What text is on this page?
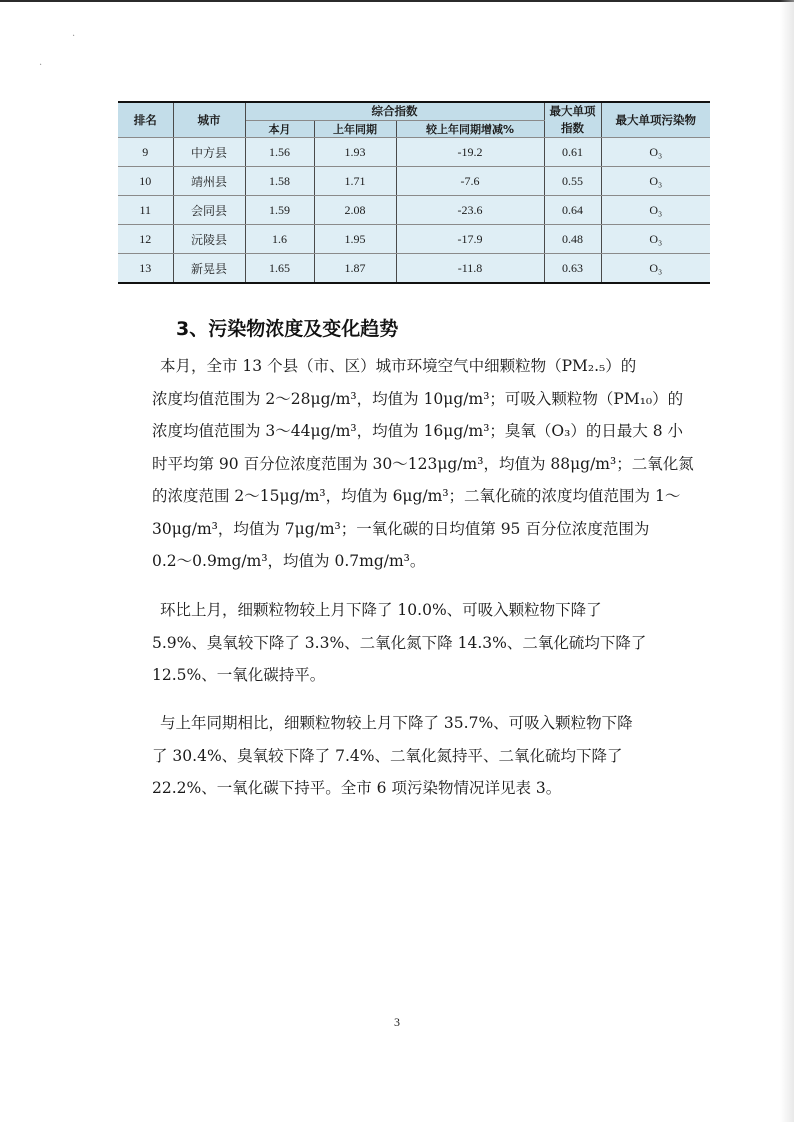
·
·
排名	城市	综合指数			最大单项指数	最大单项污染物
		本月	上年同期	较上年同期增减%		
9	中方县	1.56	1.93	-19.2	0.61	O₃
10	靖州县	1.58	1.71	-7.6	0.55	O₃
11	会同县	1.59	2.08	-23.6	0.64	O₃
12	沅陵县	1.6	1.95	-17.9	0.48	O₃
13	新晃县	1.65	1.87	-11.8	0.63	O₃
3、污染物浓度及变化趋势
本月，全市 13 个县（市、区）城市环境空气中细颗粒物（PM₂.₅）的
浓度均值范围为 2～28μg/m³，均值为 10μg/m³；可吸入颗粒物（PM₁₀）的
浓度均值范围为 3～44μg/m³，均值为 16μg/m³；臭氧（O₃）的日最大 8 小
时平均第 90 百分位浓度范围为 30～123μg/m³，均值为 88μg/m³；二氧化氮
的浓度范围 2～15μg/m³，均值为 6μg/m³；二氧化硫的浓度均值范围为 1～
30μg/m³，均值为 7μg/m³；一氧化碳的日均值第 95 百分位浓度范围为
0.2～0.9mg/m³，均值为 0.7mg/m³。
环比上月，细颗粒物较上月下降了 10.0%、可吸入颗粒物下降了
5.9%、臭氧较下降了 3.3%、二氧化氮下降 14.3%、二氧化硫均下降了
12.5%、一氧化碳持平。
与上年同期相比，细颗粒物较上月下降了 35.7%、可吸入颗粒物下降
了 30.4%、臭氧较下降了 7.4%、二氧化氮持平、二氧化硫均下降了
22.2%、一氧化碳下持平。全市 6 项污染物情况详见表 3。
3
